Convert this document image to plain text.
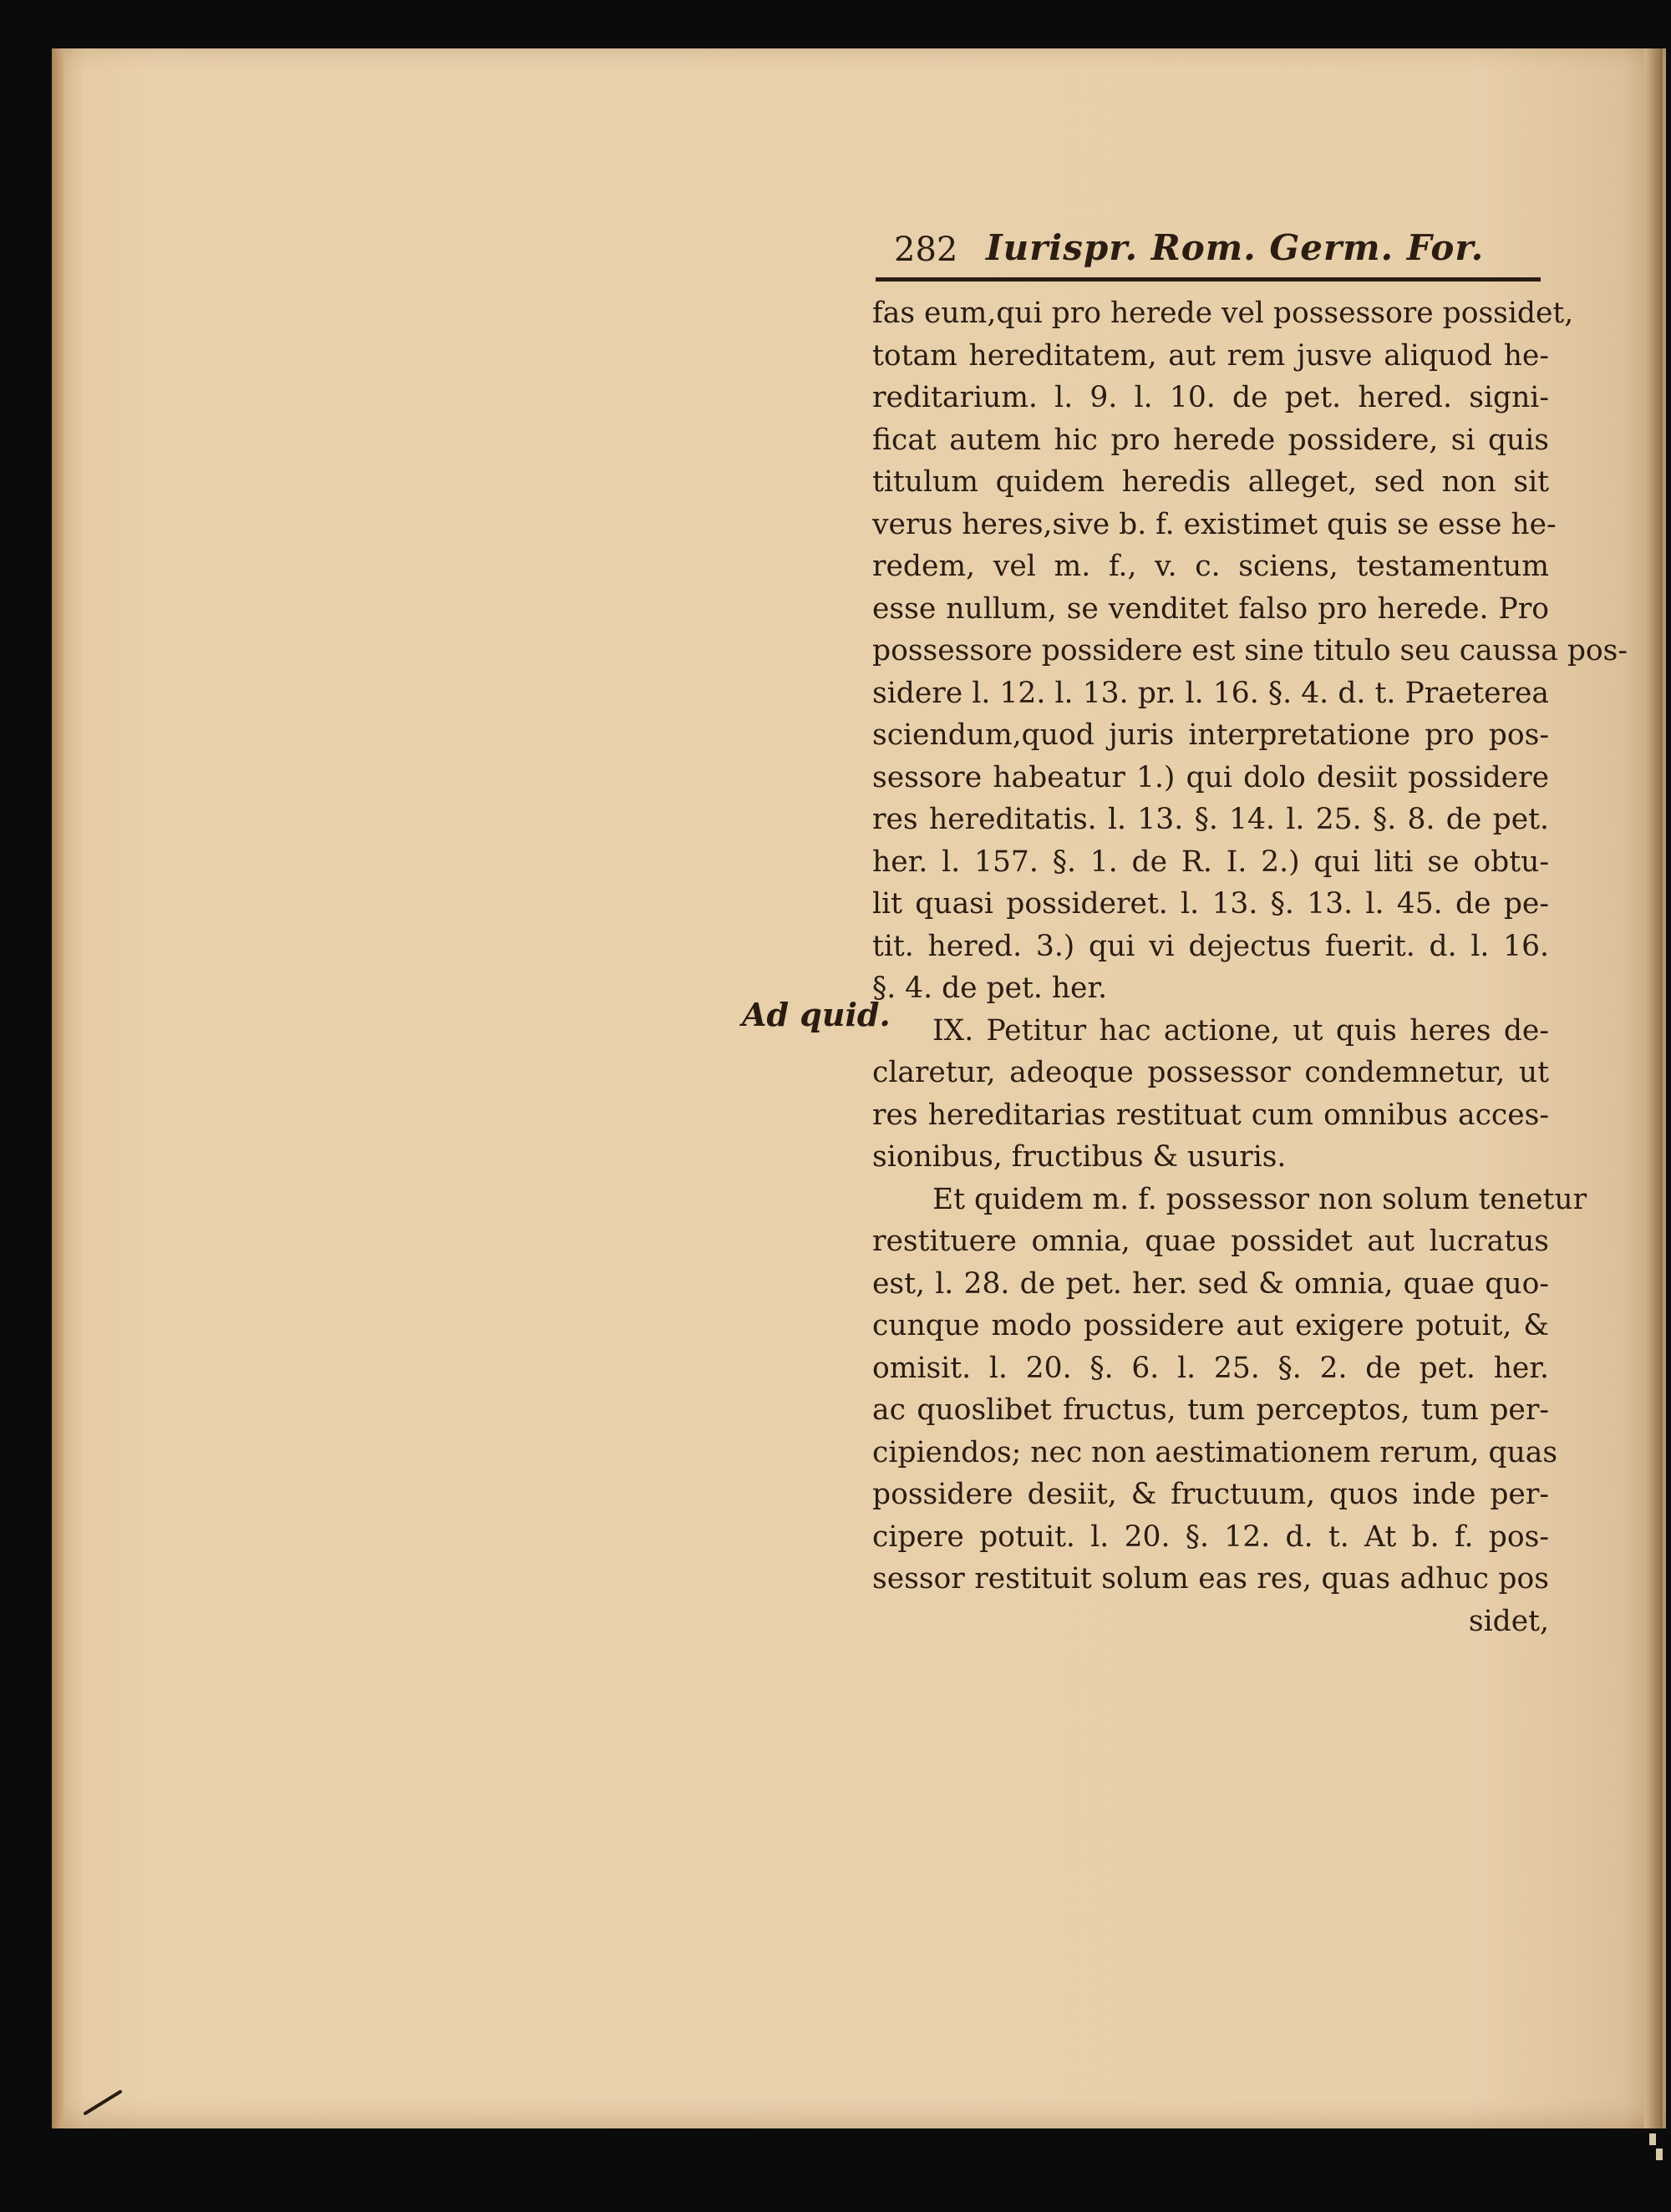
282 Iurispr. Rom. Germ. For.
Ad quid.
fas eum,qui pro herede vel possessore possidet,
totam hereditatem, aut rem jusve aliquod he-
reditarium. l. 9. l. 10. de pet. hered. signi-
ficat autem hic pro herede possidere, si quis
titulum quidem heredis alleget, sed non sit
verus heres,sive b. f. existimet quis se esse he-
redem, vel m. f., v. c. sciens, testamentum
esse nullum, se venditet falso pro herede. Pro
possessore possidere est sine titulo seu caussa pos-
sidere l. 12. l. 13. pr. l. 16. §. 4. d. t. Praeterea
sciendum,quod juris interpretatione pro pos-
sessore habeatur 1.) qui dolo desiit possidere
res hereditatis. l. 13. §. 14. l. 25. §. 8. de pet.
her. l. 157. §. 1. de R. I. 2.) qui liti se obtu-
lit quasi possideret. l. 13. §. 13. l. 45. de pe-
tit. hered. 3.) qui vi dejectus fuerit. d. l. 16.
§. 4. de pet. her.
IX. Petitur hac actione, ut quis heres de-
claretur, adeoque possessor condemnetur, ut
res hereditarias restituat cum omnibus acces-
sionibus, fructibus & usuris.
Et quidem m. f. possessor non solum tenetur
restituere omnia, quae possidet aut lucratus
est, l. 28. de pet. her. sed & omnia, quae quo-
cunque modo possidere aut exigere potuit, &
omisit. l. 20. §. 6. l. 25. §. 2. de pet. her.
ac quoslibet fructus, tum perceptos, tum per-
cipiendos; nec non aestimationem rerum, quas
possidere desiit, & fructuum, quos inde per-
cipere potuit. l. 20. §. 12. d. t. At b. f. pos-
sessor restituit solum eas res, quas adhuc pos
sidet,
